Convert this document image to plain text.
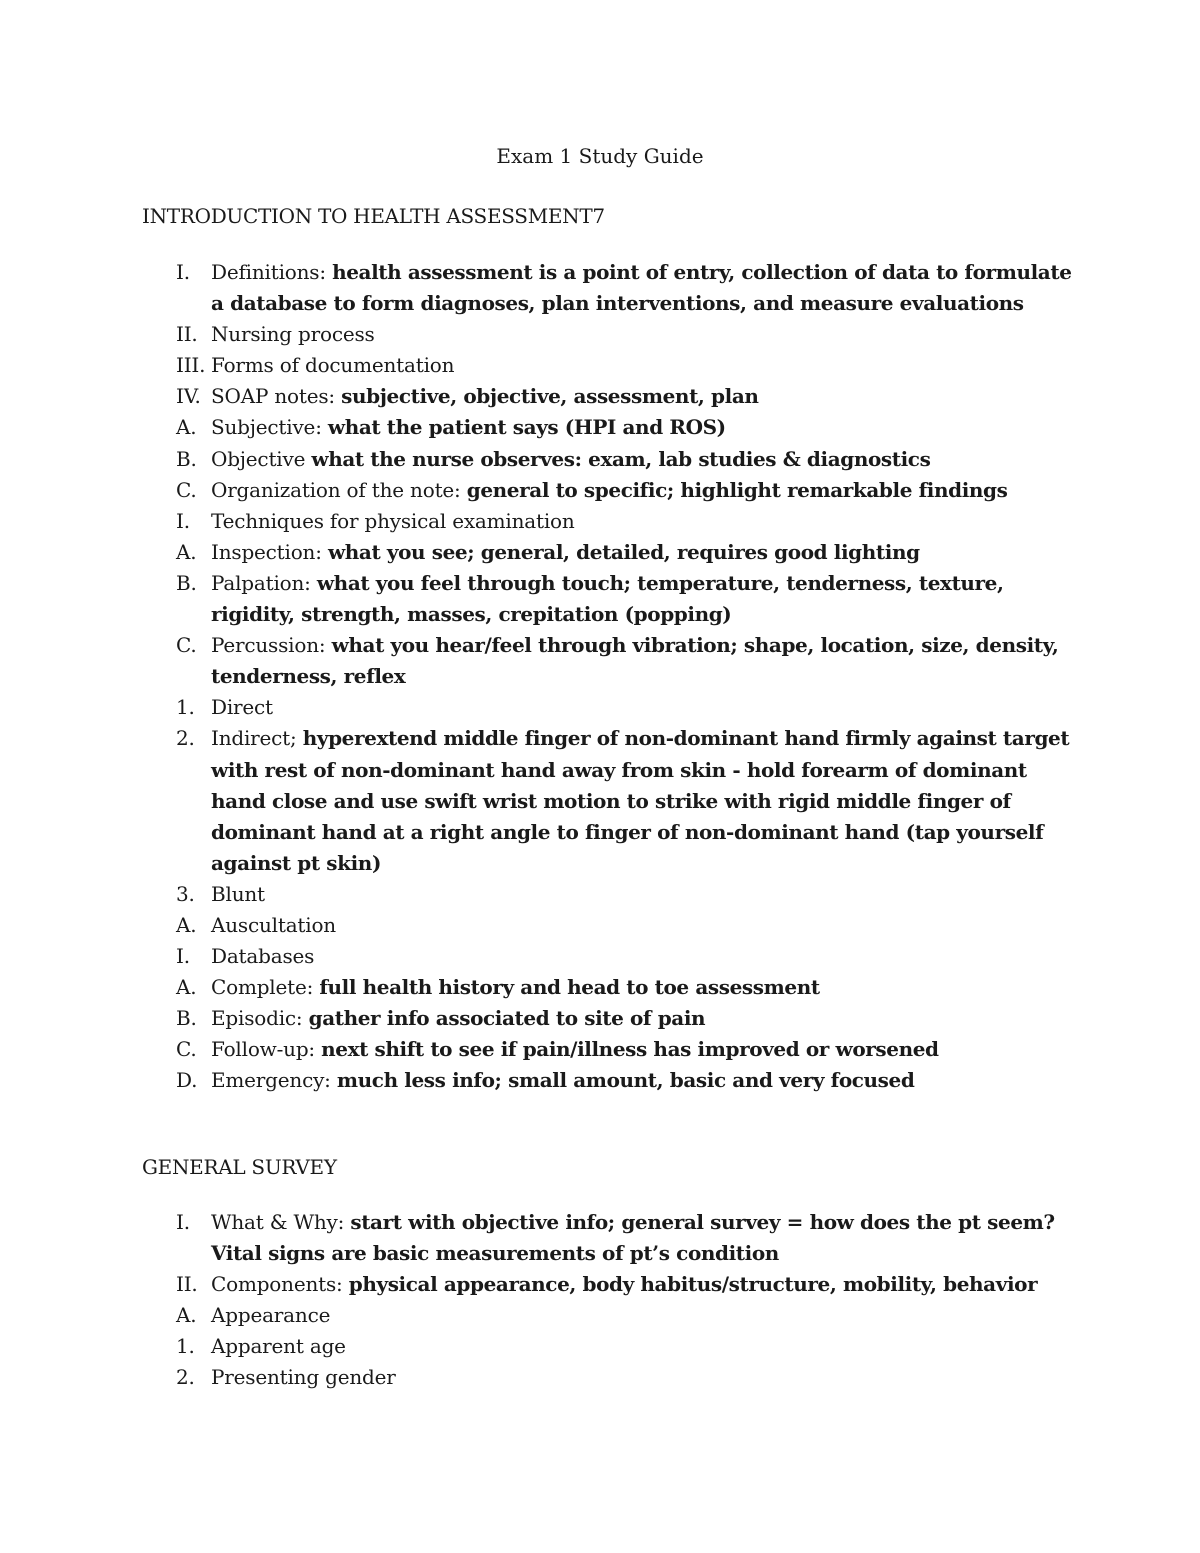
Exam 1 Study Guide
INTRODUCTION TO HEALTH ASSESSMENT7
I. Definitions: health assessment is a point of entry, collection of data to formulate a database to form diagnoses, plan interventions, and measure evaluations
II. Nursing process
III. Forms of documentation
IV. SOAP notes: subjective, objective, assessment, plan
A. Subjective: what the patient says (HPI and ROS)
B. Objective what the nurse observes: exam, lab studies & diagnostics
C. Organization of the note: general to specific; highlight remarkable findings
I. Techniques for physical examination
A. Inspection: what you see; general, detailed, requires good lighting
B. Palpation: what you feel through touch; temperature, tenderness, texture, rigidity, strength, masses, crepitation (popping)
C. Percussion: what you hear/feel through vibration; shape, location, size, density, tenderness, reflex
1. Direct
2. Indirect; hyperextend middle finger of non-dominant hand firmly against target with rest of non-dominant hand away from skin - hold forearm of dominant hand close and use swift wrist motion to strike with rigid middle finger of dominant hand at a right angle to finger of non-dominant hand (tap yourself against pt skin)
3. Blunt
A. Auscultation
I. Databases
A. Complete: full health history and head to toe assessment
B. Episodic: gather info associated to site of pain
C. Follow-up: next shift to see if pain/illness has improved or worsened
D. Emergency: much less info; small amount, basic and very focused
GENERAL SURVEY
I. What & Why: start with objective info; general survey = how does the pt seem? Vital signs are basic measurements of pt’s condition
II. Components: physical appearance, body habitus/structure, mobility, behavior
A. Appearance
1. Apparent age
2. Presenting gender
